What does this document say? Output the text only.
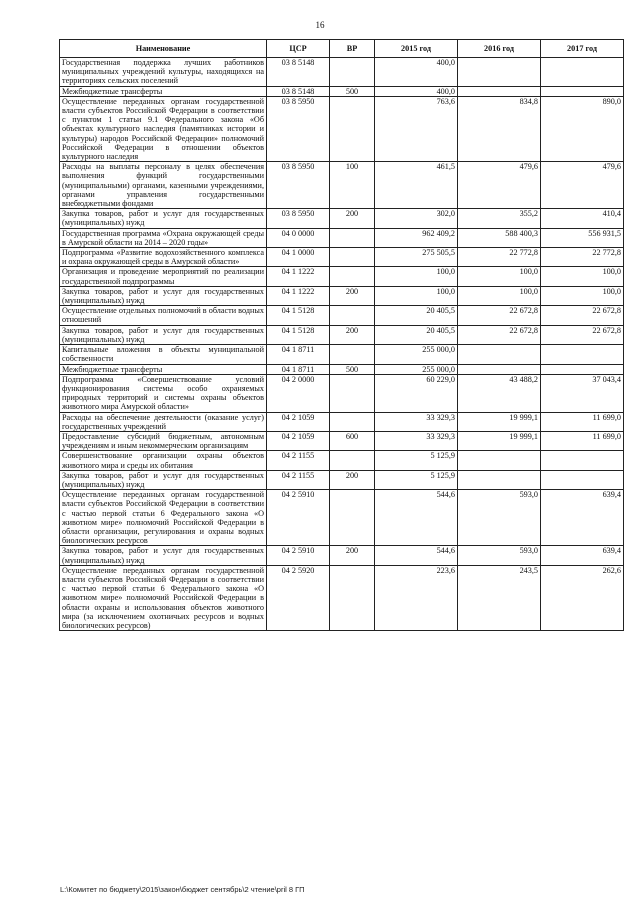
16
Наименование	ЦСР	ВР	2015 год	2016 год	2017 год
Государственная поддержка лучших работников муниципальных учреждений культуры, находящихся на территориях сельских поселений	03 8 5148		400,0		
Межбюджетные трансферты	03 8 5148	500	400,0		
Осуществление переданных органам государственной власти субъектов Российской Федерации в соответствии с пунктом 1 статьи 9.1 Федерального закона «Об объектах культурного наследия (памятниках истории и культуры) народов Российской Федерации» полномочий Российской Федерации в отношении объектов культурного наследия	03 8 5950		763,6	834,8	890,0
Расходы на выплаты персоналу в целях обеспечения выполнения функций государственными (муниципальными) органами, казенными учреждениями, органами управления государственными внебюджетными фондами	03 8 5950	100	461,5	479,6	479,6
Закупка товаров, работ и услуг для государственных (муниципальных) нужд	03 8 5950	200	302,0	355,2	410,4
Государственная программа «Охрана окружающей среды в Амурской области на 2014 – 2020 годы»	04 0 0000		962 409,2	588 400,3	556 931,5
Подпрограмма «Развитие водохозяйственного комплекса и охрана окружающей среды в Амурской области»	04 1 0000		275 505,5	22 772,8	22 772,8
Организация и проведение мероприятий по реализации государственной подпрограммы	04 1 1222		100,0	100,0	100,0
Закупка товаров, работ и услуг для государственных (муниципальных) нужд	04 1 1222	200	100,0	100,0	100,0
Осуществление отдельных полномочий в области водных отношений	04 1 5128		20 405,5	22 672,8	22 672,8
Закупка товаров, работ и услуг для государственных (муниципальных) нужд	04 1 5128	200	20 405,5	22 672,8	22 672,8
Капитальные вложения в объекты муниципальной собственности	04 1 8711		255 000,0		
Межбюджетные трансферты	04 1 8711	500	255 000,0		
Подпрограмма «Совершенствование условий функционирования системы особо охраняемых природных территорий и системы охраны объектов животного мира Амурской области»	04 2 0000		60 229,0	43 488,2	37 043,4
Расходы на обеспечение деятельности (оказание услуг) государственных учреждений	04 2 1059		33 329,3	19 999,1	11 699,0
Предоставление субсидий бюджетным, автономным учреждениям и иным некоммерческим организациям	04 2 1059	600	33 329,3	19 999,1	11 699,0
Совершенствование организации охраны объектов животного мира и среды их обитания	04 2 1155		5 125,9		
Закупка товаров, работ и услуг для государственных (муниципальных) нужд	04 2 1155	200	5 125,9		
Осуществление переданных органам государственной власти субъектов Российской Федерации в соответствии с частью первой статьи 6 Федерального закона «О животном мире» полномочий Российской Федерации в области организации, регулирования и охраны водных биологических ресурсов	04 2 5910		544,6	593,0	639,4
Закупка товаров, работ и услуг для государственных (муниципальных) нужд	04 2 5910	200	544,6	593,0	639,4
Осуществление переданных органам государственной власти субъектов Российской Федерации в соответствии с частью первой статьи 6 Федерального закона «О животном мире» полномочий Российской Федерации в области охраны и использования объектов животного мира (за исключением охотничьих ресурсов и водных биологических ресурсов)	04 2 5920		223,6	243,5	262,6
L:\Комитет по бюджету\2015\закон\бюджет сентябрь\2 чтение\pril 8 ГП
